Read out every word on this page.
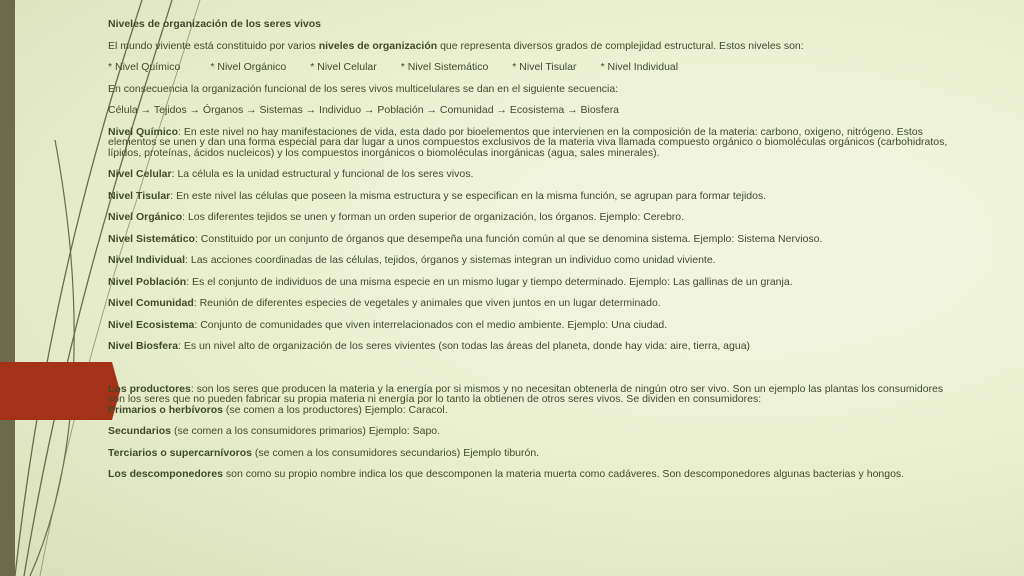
Niveles de organización de los seres vivos

El mundo viviente está constituido por varios niveles de organización que representa diversos grados de complejidad estructural. Estos niveles son:

* Nivel Químico	* Nivel Orgánico * Nivel Celular * Nivel Sistemático * Nivel Tisular * Nivel Individual

En consecuencia la organización funcional de los seres vivos multicelulares se dan en el siguiente secuencia:

Célula → Tejidos → Órganos → Sistemas → Individuo → Población → Comunidad → Ecosistema → Biosfera

Nivel Químico: En este nivel no hay manifestaciones de vida, esta dado por bioelementos que intervienen en la composición de la materia: carbono, oxigeno, nitrógeno. Estos elementos se unen y dan una forma especial para dar lugar a unos compuestos exclusivos de la materia viva llamada compuesto orgánico o biomoléculas orgánicos (carbohidratos, lípidos, proteínas, ácidos nucleicos) y los compuestos inorgánicos o biomoléculas inorgánicas (agua, sales minerales).

Nivel Celular: La célula es la unidad estructural y funcional de los seres vivos.

Nivel Tisular: En este nivel las células que poseen la misma estructura y se especifican en la misma función, se agrupan para formar tejidos.

Nivel Orgánico: Los diferentes tejidos se unen y forman un orden superior de organización, los órganos. Ejemplo: Cerebro.

Nivel Sistemático: Constituido por un conjunto de órganos que desempeña una función común al que se denomina sistema. Ejemplo: Sistema Nervioso.

Nivel Individual: Las acciones coordinadas de las células, tejidos, órganos y sistemas integran un individuo como unidad viviente.

Nivel Población: Es el conjunto de individuos de una misma especie en un mismo lugar y tiempo determinado. Ejemplo: Las gallinas de un granja.

Nivel Comunidad: Reunión de diferentes especies de vegetales y animales que viven juntos en un lugar determinado.

Nivel Ecosistema: Conjunto de comunidades que viven interrelacionados con el medio ambiente. Ejemplo: Una ciudad.

Nivel Biosfera: Es un nivel alto de organización de los seres vivientes (son todas las áreas del planeta, donde hay vida: aire, tierra, agua)

Los productores: son los seres que producen la materia y la energía por si mismos y no necesitan obtenerla de ningún otro ser vivo. Son un ejemplo las plantas los consumidores son los seres que no pueden fabricar su propia materia ni energía por lo tanto la obtienen de otros seres vivos. Se dividen en consumidores:

Primarios o herbívoros (se comen a los productores) Ejemplo: Caracol.

Secundarios (se comen a los consumidores primarios) Ejemplo: Sapo.

Terciarios o supercarnívoros (se comen a los consumidores secundarios) Ejemplo tiburón.

Los descomponedores son como su propio nombre indica los que descomponen la materia muerta como cadáveres. Son descomponedores algunas bacterias y hongos.
